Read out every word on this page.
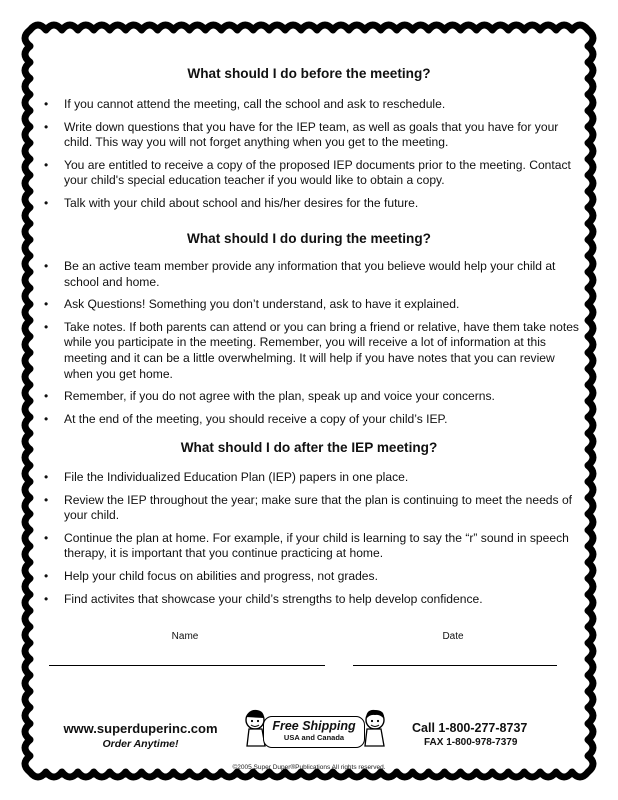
What should I do before the meeting?
• If you cannot attend the meeting, call the school and ask to reschedule.
• Write down questions that you have for the IEP team, as well as goals that you have for your child. This way you will not forget anything when you get to the meeting.
• You are entitled to receive a copy of the proposed IEP documents prior to the meeting. Contact your child's special education teacher if you would like to obtain a copy.
• Talk with your child about school and his/her desires for the future.
What should I do during the meeting?
• Be an active team member provide any information that you believe would help your child at school and home.
• Ask Questions! Something you don’t understand, ask to have it explained.
• Take notes. If both parents can attend or you can bring a friend or relative, have them take notes while you participate in the meeting. Remember, you will receive a lot of information at this meeting and it can be a little overwhelming. It will help if you have notes that you can review when you get home.
• Remember, if you do not agree with the plan, speak up and voice your concerns.
• At the end of the meeting, you should receive a copy of your child’s IEP.
What should I do after the IEP meeting?
• File the Individualized Education Plan (IEP) papers in one place.
• Review the IEP throughout the year; make sure that the plan is continuing to meet the needs of your child.
• Continue the plan at home. For example, if your child is learning to say the “r” sound in speech therapy, it is important that you continue practicing at home.
• Help your child focus on abilities and progress, not grades.
• Find activites that showcase your child’s strengths to help develop confidence.
Name	Date
www.superduperinc.com
Order Anytime!
Free Shipping
USA and Canada
Call 1-800-277-8737
FAX 1-800-978-7379
©2005 Super Duper®Publications All rights reserved.
